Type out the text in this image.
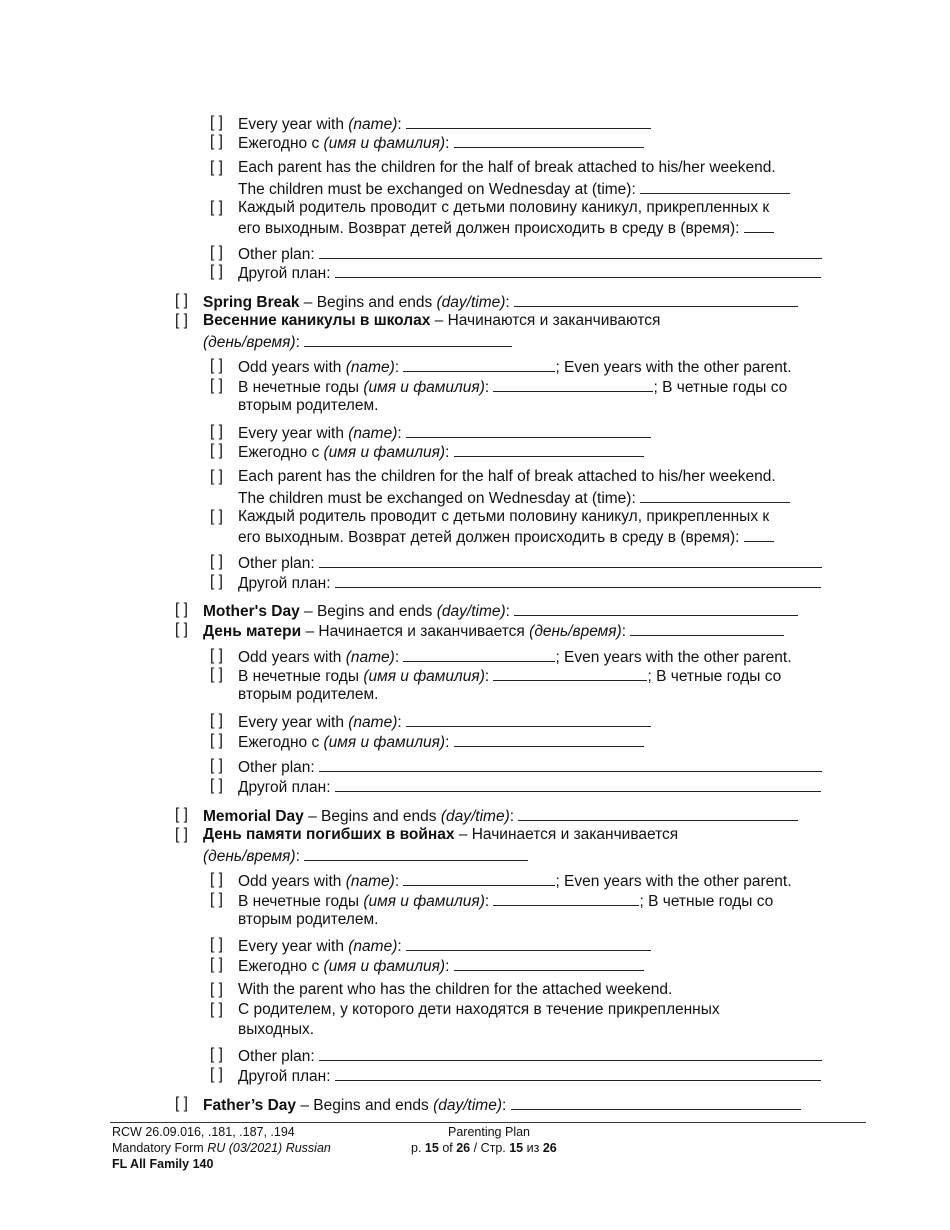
[ ] Every year with (name):
[ ] Ежегодно с (имя и фамилия):
[ ] Each parent has the children for the half of break attached to his/her weekend.
The children must be exchanged on Wednesday at (time):
[ ] Каждый родитель проводит с детьми половину каникул, прикрепленных к
его выходным. Возврат детей должен происходить в среду в (время):
[ ] Other plan:
[ ] Другой план:
[ ] Spring Break – Begins and ends (day/time):
[ ] Весенние каникулы в школах – Начинаются и заканчиваются
(день/время):
[ ] Odd years with (name):	; Even years with the other parent.
[ ] В нечетные годы (имя и фамилия):	; В четные годы со
вторым родителем.
[ ] Every year with (name):
[ ] Ежегодно с (имя и фамилия):
[ ] Each parent has the children for the half of break attached to his/her weekend.
The children must be exchanged on Wednesday at (time):
[ ] Каждый родитель проводит с детьми половину каникул, прикрепленных к
его выходным. Возврат детей должен происходить в среду в (время):
[ ] Other plan:
[ ] Другой план:
[ ] Mother's Day – Begins and ends (day/time):
[ ] День матери – Начинается и заканчивается (день/время):
[ ] Odd years with (name):	; Even years with the other parent.
[ ] В нечетные годы (имя и фамилия):	; В четные годы со
вторым родителем.
[ ] Every year with (name):
[ ] Ежегодно с (имя и фамилия):
[ ] Other plan:
[ ] Другой план:
[ ] Memorial Day – Begins and ends (day/time):
[ ] День памяти погибших в войнах – Начинается и заканчивается
(день/время):
[ ] Odd years with (name):	; Even years with the other parent.
[ ] В нечетные годы (имя и фамилия):	; В четные годы со
вторым родителем.
[ ] Every year with (name):
[ ] Ежегодно с (имя и фамилия):
[ ] With the parent who has the children for the attached weekend.
[ ] С родителем, у которого дети находятся в течение прикрепленных
выходных.
[ ] Other plan:
[ ] Другой план:
[ ] Father’s Day – Begins and ends (day/time):
RCW 26.09.016, .181, .187, .194
Mandatory Form RU (03/2021) Russian
FL All Family 140
Parenting Plan
p. 15 of 26 / Стр. 15 из 26
